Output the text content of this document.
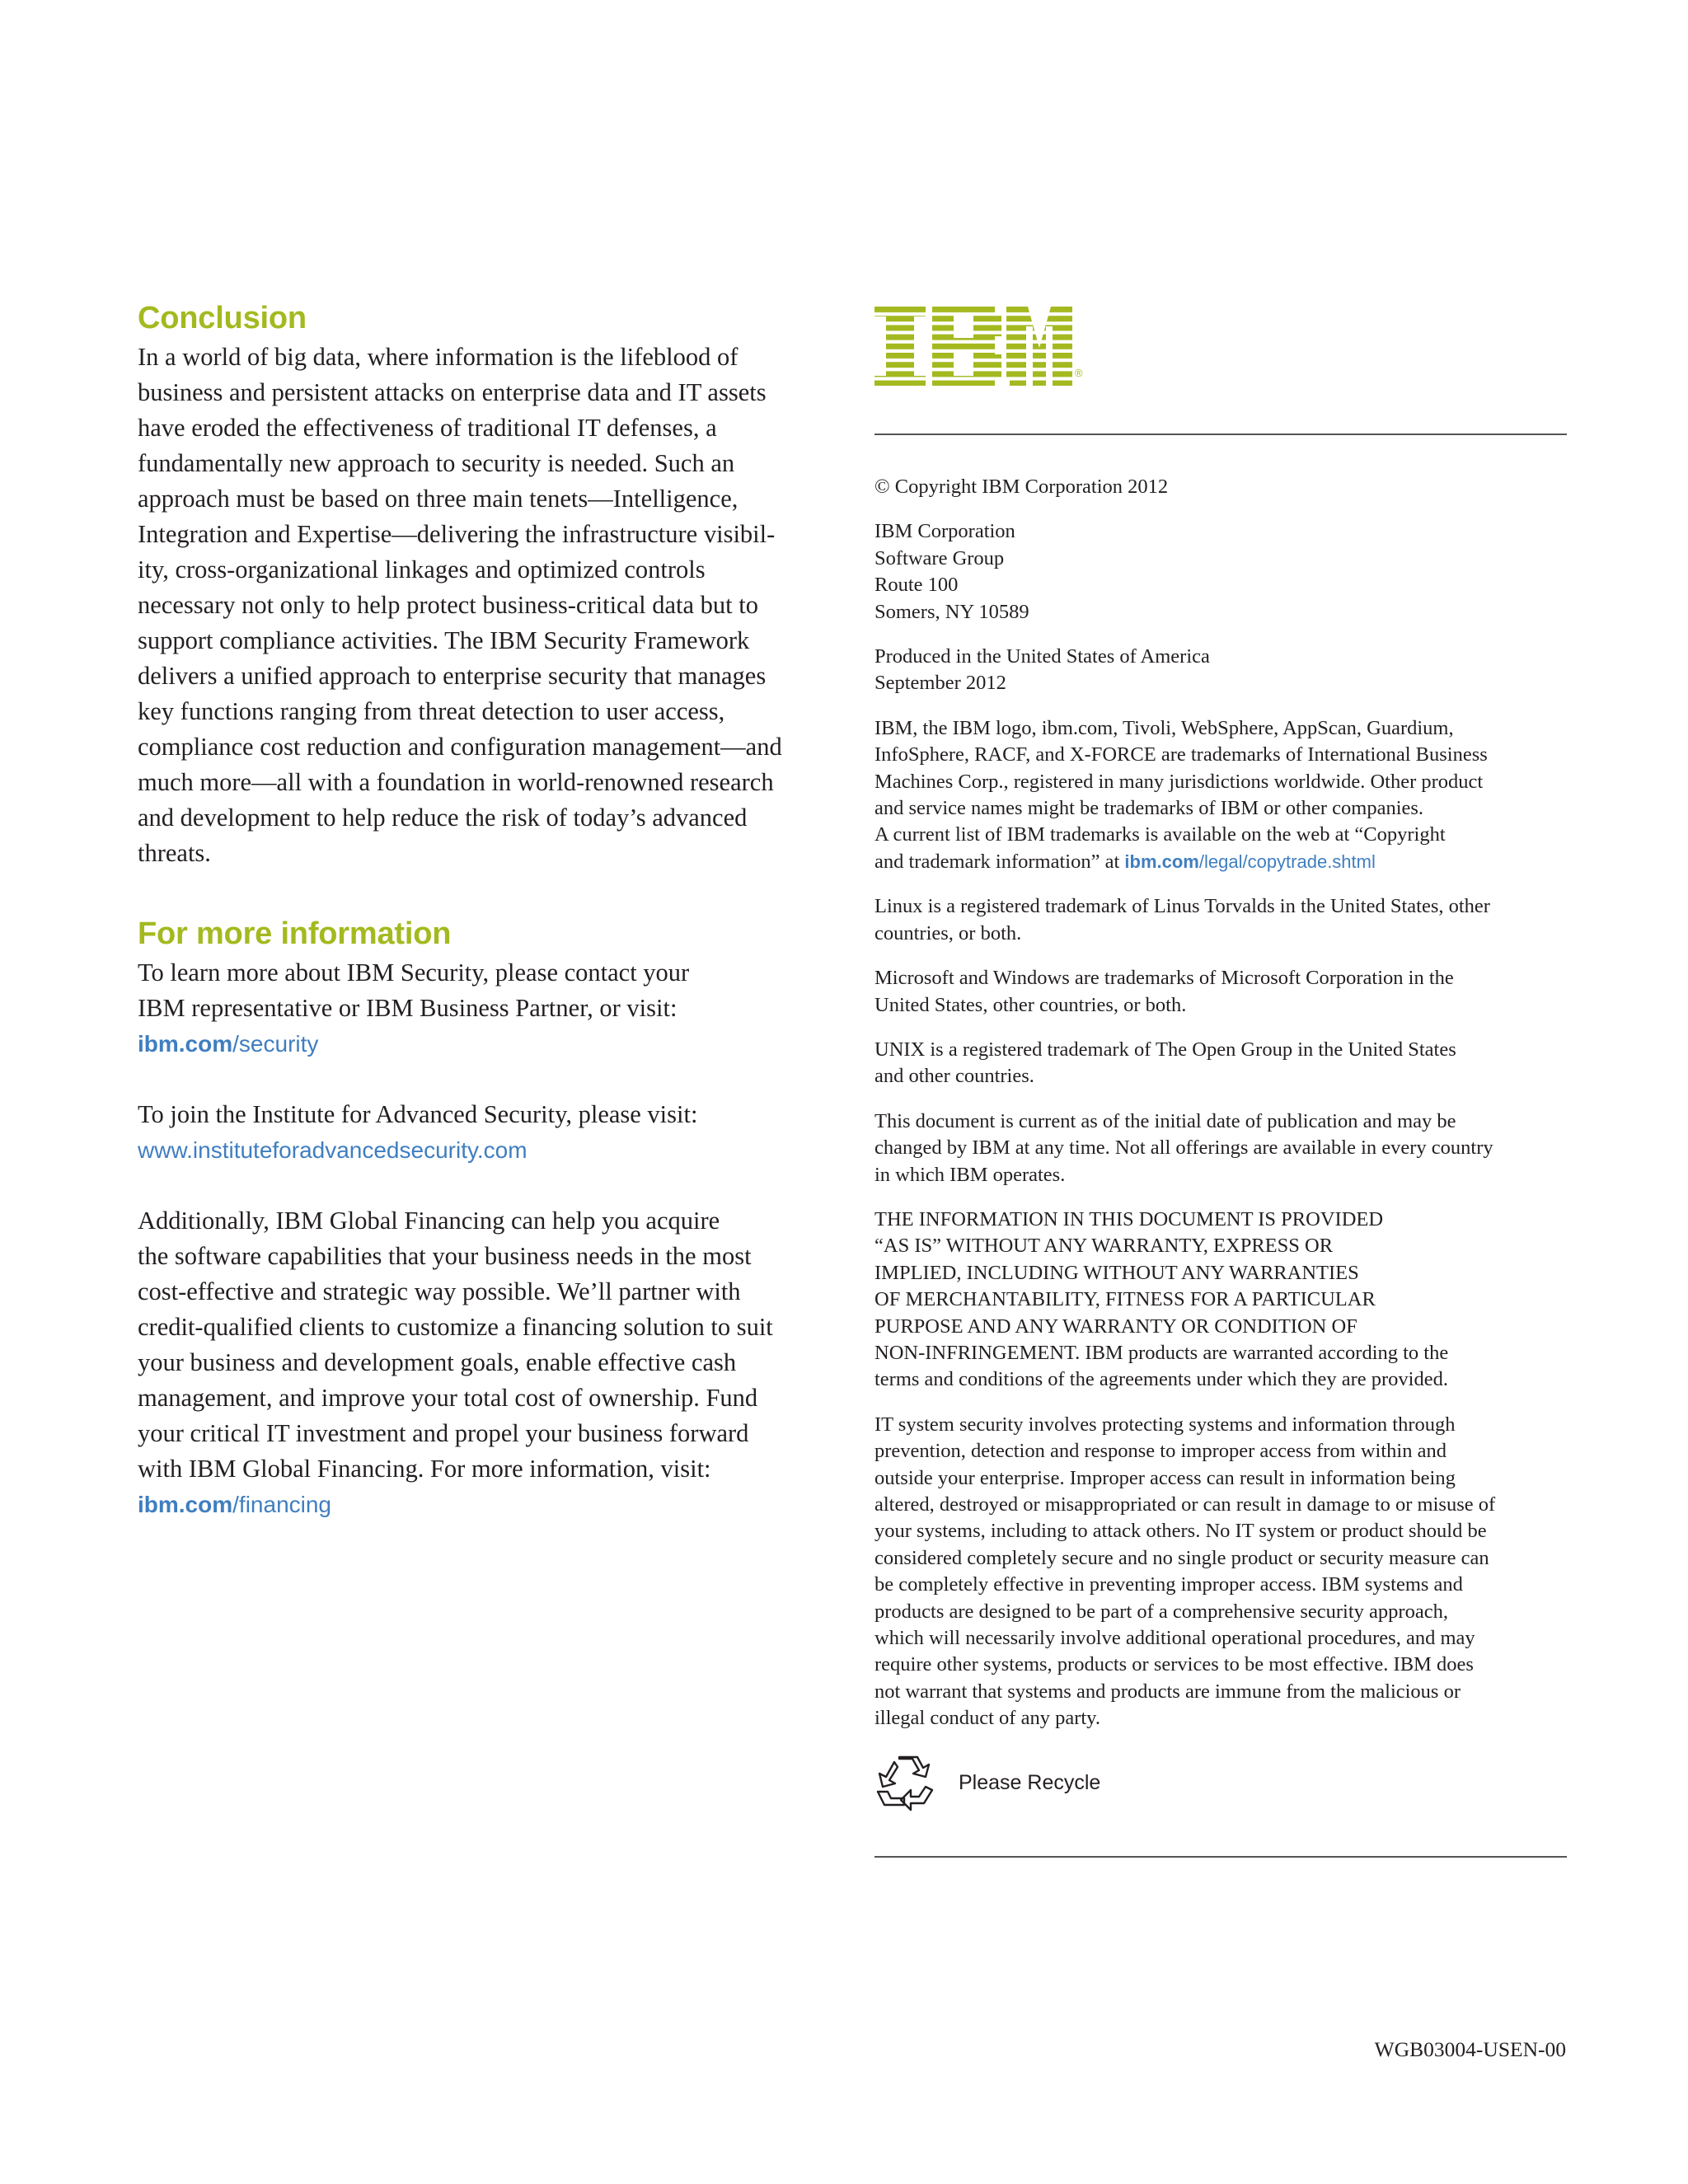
Conclusion

In a world of big data, where information is the lifeblood of

business and persistent attacks on enterprise data and IT assets

have eroded the effectiveness of traditional IT defenses, a

fundamentally new approach to security is needed. Such an

approach must be based on three main tenets—Intelligence,

Integration and Expertise—delivering the infrastructure visibil-

ity, cross-organizational linkages and optimized controls

necessary not only to help protect business-critical data but to

support compliance activities. The IBM Security Framework

delivers a unified approach to enterprise security that manages

key functions ranging from threat detection to user access,

compliance cost reduction and configuration management—and

much more—all with a foundation in world-renowned research

and development to help reduce the risk of today’s advanced

threats.

For more information

To learn more about IBM Security, please contact your

IBM representative or IBM Business Partner, or visit:

ibm.com/security

To join the Institute for Advanced Security, please visit:

www.instituteforadvancedsecurity.com

Additionally, IBM Global Financing can help you acquire

the software capabilities that your business needs in the most

cost-effective and strategic way possible. We’ll partner with

credit-qualified clients to customize a financing solution to suit

your business and development goals, enable effective cash

management, and improve your total cost of ownership. Fund

your critical IT investment and propel your business forward

with IBM Global Financing. For more information, visit:

ibm.com/financing

®

© Copyright IBM Corporation 2012

IBM Corporation

Software Group

Route 100

Somers, NY 10589

Produced in the United States of America

September 2012

IBM, the IBM logo, ibm.com, Tivoli, WebSphere, AppScan, Guardium,

InfoSphere, RACF, and X-FORCE are trademarks of International Business

Machines Corp., registered in many jurisdictions worldwide. Other product

and service names might be trademarks of IBM or other companies.

A current list of IBM trademarks is available on the web at “Copyright

and trademark information” at ibm.com/legal/copytrade.shtml

Linux is a registered trademark of Linus Torvalds in the United States, other

countries, or both.

Microsoft and Windows are trademarks of Microsoft Corporation in the

United States, other countries, or both.

UNIX is a registered trademark of The Open Group in the United States

and other countries.

This document is current as of the initial date of publication and may be

changed by IBM at any time. Not all offerings are available in every country

in which IBM operates.

THE INFORMATION IN THIS DOCUMENT IS PROVIDED

“AS IS” WITHOUT ANY WARRANTY, EXPRESS OR

IMPLIED, INCLUDING WITHOUT ANY WARRANTIES

OF MERCHANTABILITY, FITNESS FOR A PARTICULAR

PURPOSE AND ANY WARRANTY OR CONDITION OF

NON-INFRINGEMENT. IBM products are warranted according to the

terms and conditions of the agreements under which they are provided.

IT system security involves protecting systems and information through

prevention, detection and response to improper access from within and

outside your enterprise. Improper access can result in information being

altered, destroyed or misappropriated or can result in damage to or misuse of

your systems, including to attack others. No IT system or product should be

considered completely secure and no single product or security measure can

be completely effective in preventing improper access. IBM systems and

products are designed to be part of a comprehensive security approach,

which will necessarily involve additional operational procedures, and may

require other systems, products or services to be most effective. IBM does

not warrant that systems and products are immune from the malicious or

illegal conduct of any party.

Please Recycle
WGB03004-USEN-00
